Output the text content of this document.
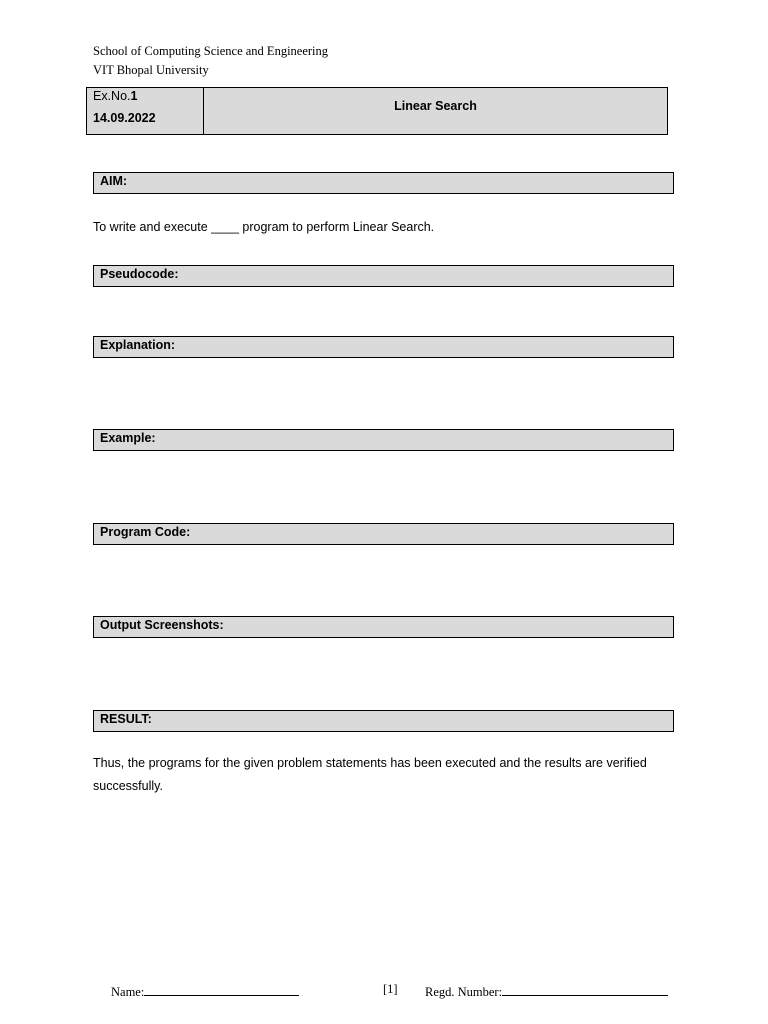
School of Computing Science and Engineering
VIT Bhopal University
Ex.No.1
14.09.2022
Linear Search
AIM:
To write and execute ____ program to perform Linear Search.
Pseudocode:
Explanation:
Example:
Program Code:
Output Screenshots:
RESULT:
Thus, the programs for the given problem statements has been executed and the results are verified successfully.
Name:	[1] Regd. Number:
